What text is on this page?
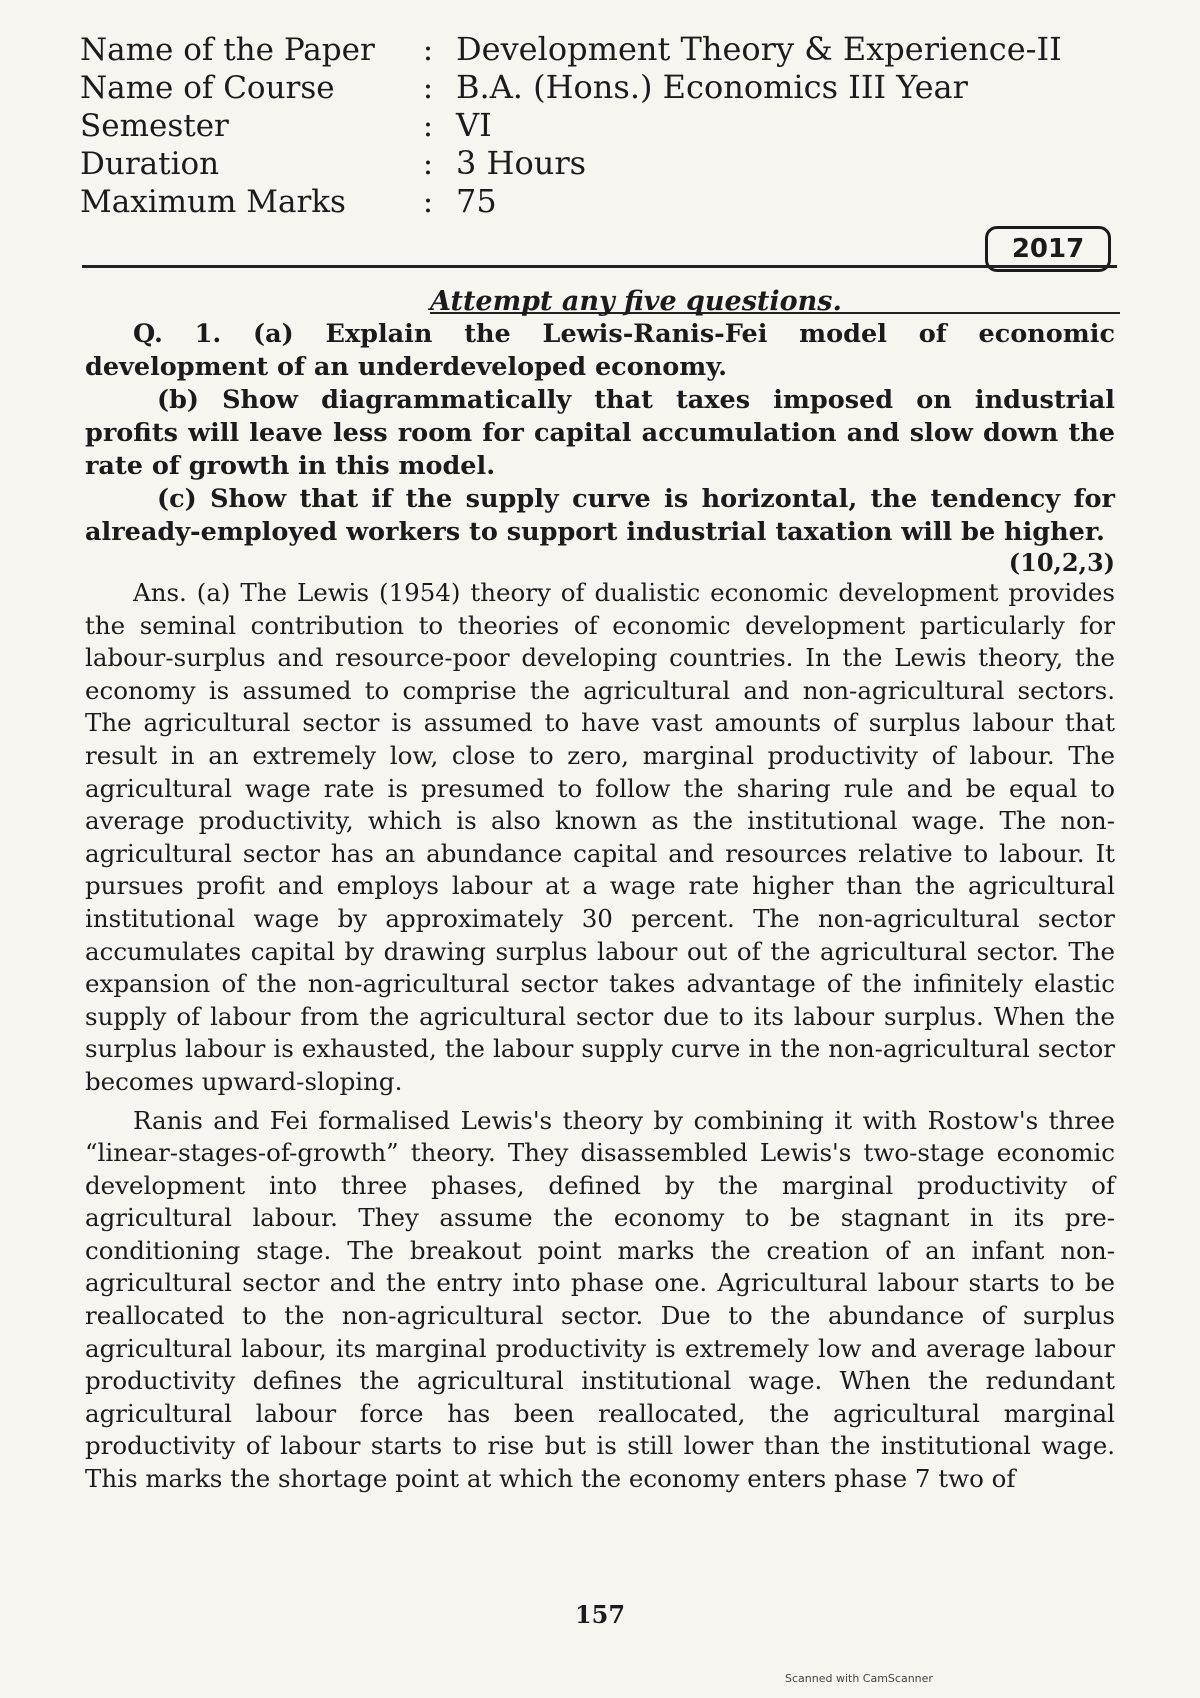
Name of the Paper	: Development Theory & Experience-II
Name of Course	: B.A. (Hons.) Economics III Year
Semester	: VI
Duration	: 3 Hours
Maximum Marks	: 75
2017
Attempt any five questions.

Q. 1. (a) Explain the Lewis-Ranis-Fei model of economic development of an underdeveloped economy.

(b) Show diagrammatically that taxes imposed on industrial profits will leave less room for capital accumulation and slow down the rate of growth in this model.

(c) Show that if the supply curve is horizontal, the tendency for already-employed workers to support industrial taxation will be higher.

(10,2,3)

Ans. (a) The Lewis (1954) theory of dualistic economic development provides the seminal contribution to theories of economic development particularly for labour-surplus and resource-poor developing countries. In the Lewis theory, the economy is assumed to comprise the agricultural and non-agricultural sectors. The agricultural sector is assumed to have vast amounts of surplus labour that result in an extremely low, close to zero, marginal productivity of labour. The agricultural wage rate is presumed to follow the sharing rule and be equal to average productivity, which is also known as the institutional wage. The non-agricultural sector has an abundance capital and resources relative to labour. It pursues profit and employs labour at a wage rate higher than the agricultural institutional wage by approximately 30 percent. The non-agricultural sector accumulates capital by drawing surplus labour out of the agricultural sector. The expansion of the non-agricultural sector takes advantage of the infinitely elastic supply of labour from the agricultural sector due to its labour surplus. When the surplus labour is exhausted, the labour supply curve in the non-agricultural sector becomes upward-sloping.

Ranis and Fei formalised Lewis's theory by combining it with Rostow's three “linear-stages-of-growth” theory. They disassembled Lewis's two-stage economic development into three phases, defined by the marginal productivity of agricultural labour. They assume the economy to be stagnant in its pre-conditioning stage. The breakout point marks the creation of an infant non-agricultural sector and the entry into phase one. Agricultural labour starts to be reallocated to the non-agricultural sector. Due to the abundance of surplus agricultural labour, its marginal productivity is extremely low and average labour productivity defines the agricultural institutional wage. When the redundant agricultural labour force has been reallocated, the agricultural marginal productivity of labour starts to rise but is still lower than the institutional wage. This marks the shortage point at which the economy enters phase 7 two of

157
Scanned with CamScanner
